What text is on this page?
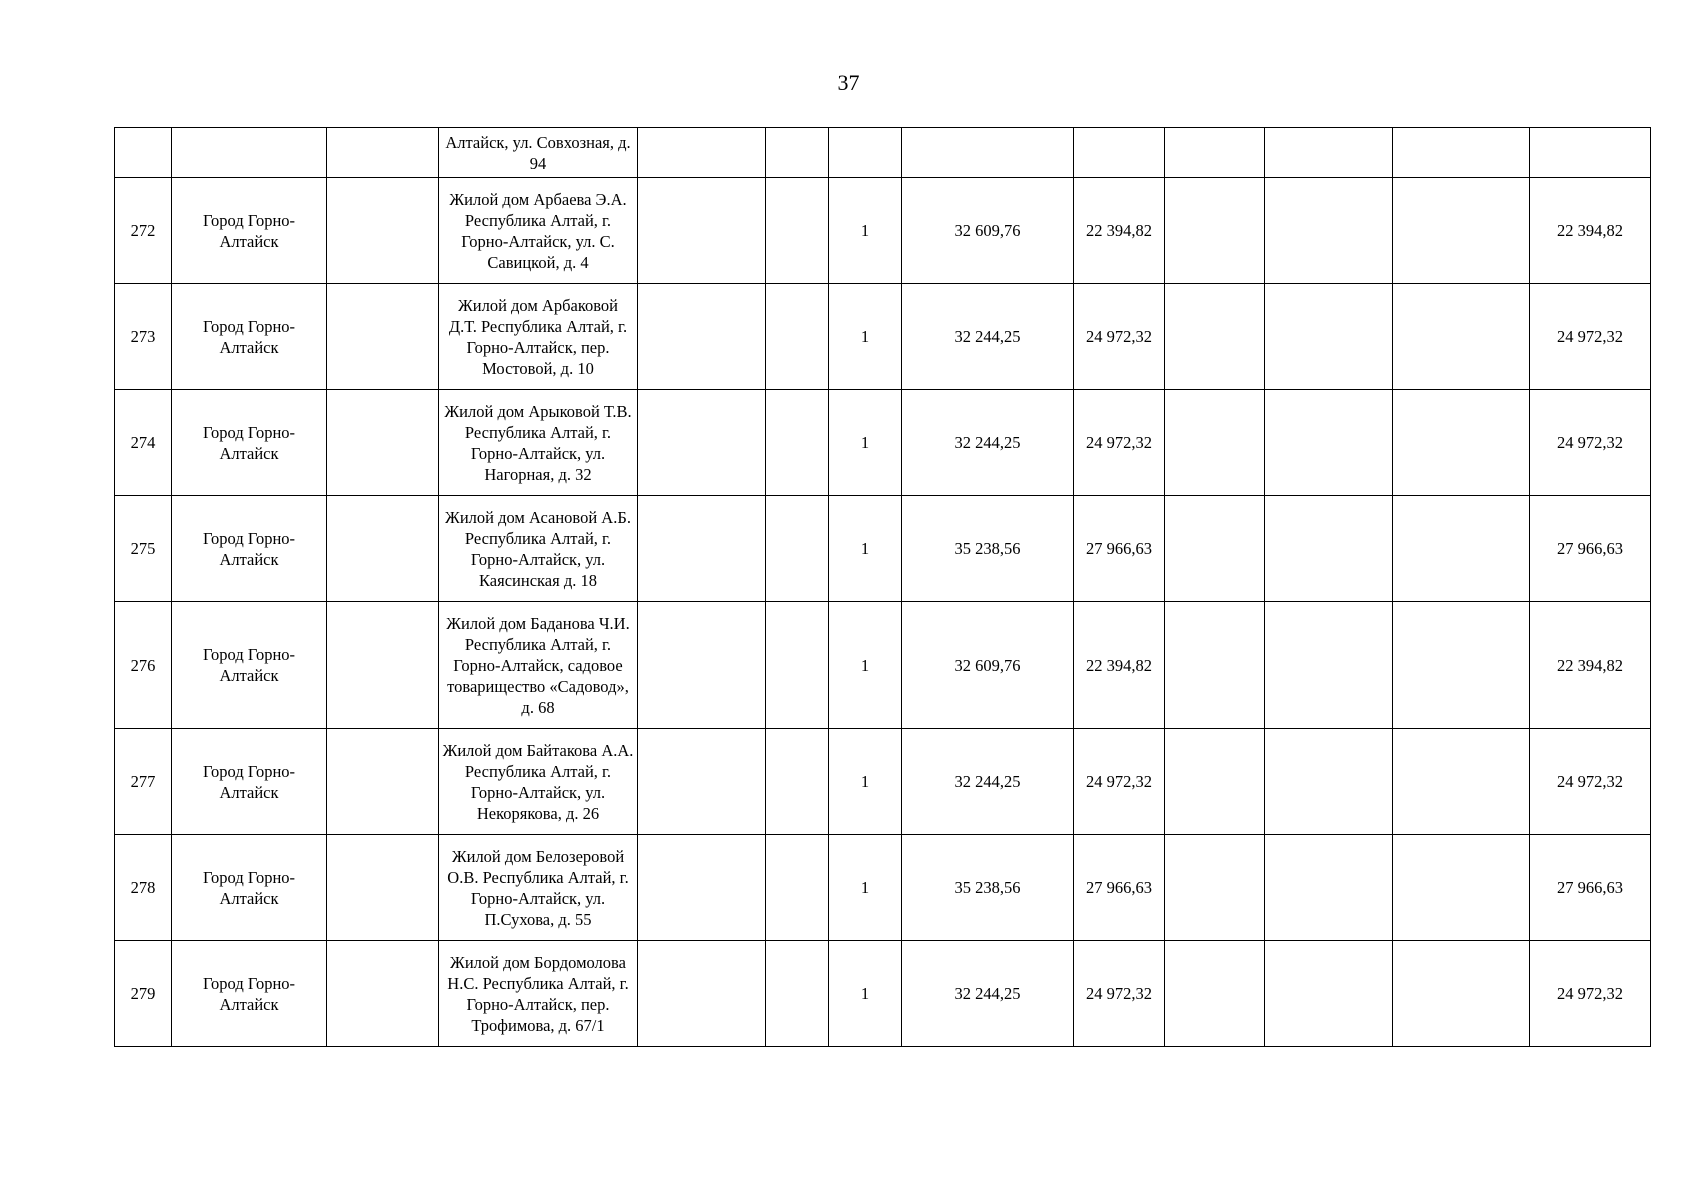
37
			Алтайск, ул. Совхозная, д. 94									
272	Город Горно-Алтайск		Жилой дом Арбаева Э.А. Республика Алтай, г. Горно-Алтайск, ул. С. Савицкой, д. 4			1	32 609,76	22 394,82				22 394,82
273	Город Горно-Алтайск		Жилой дом Арбаковой Д.Т. Республика Алтай, г. Горно-Алтайск, пер. Мостовой, д. 10			1	32 244,25	24 972,32				24 972,32
274	Город Горно-Алтайск		Жилой дом Арыковой Т.В. Республика Алтай, г. Горно-Алтайск, ул. Нагорная, д. 32			1	32 244,25	24 972,32				24 972,32
275	Город Горно-Алтайск		Жилой дом Асановой А.Б. Республика Алтай, г. Горно-Алтайск, ул. Каясинская д. 18			1	35 238,56	27 966,63				27 966,63
276	Город Горно-Алтайск		Жилой дом Баданова Ч.И. Республика Алтай, г. Горно-Алтайск, садовое товарищество «Садовод», д. 68			1	32 609,76	22 394,82				22 394,82
277	Город Горно-Алтайск		Жилой дом Байтакова А.А. Республика Алтай, г. Горно-Алтайск, ул. Некорякова, д. 26			1	32 244,25	24 972,32				24 972,32
278	Город Горно-Алтайск		Жилой дом Белозеровой О.В. Республика Алтай, г. Горно-Алтайск, ул. П.Сухова, д. 55			1	35 238,56	27 966,63				27 966,63
279	Город Горно-Алтайск		Жилой дом Бордомолова Н.С. Республика Алтай, г. Горно-Алтайск, пер. Трофимова, д. 67/1			1	32 244,25	24 972,32				24 972,32
